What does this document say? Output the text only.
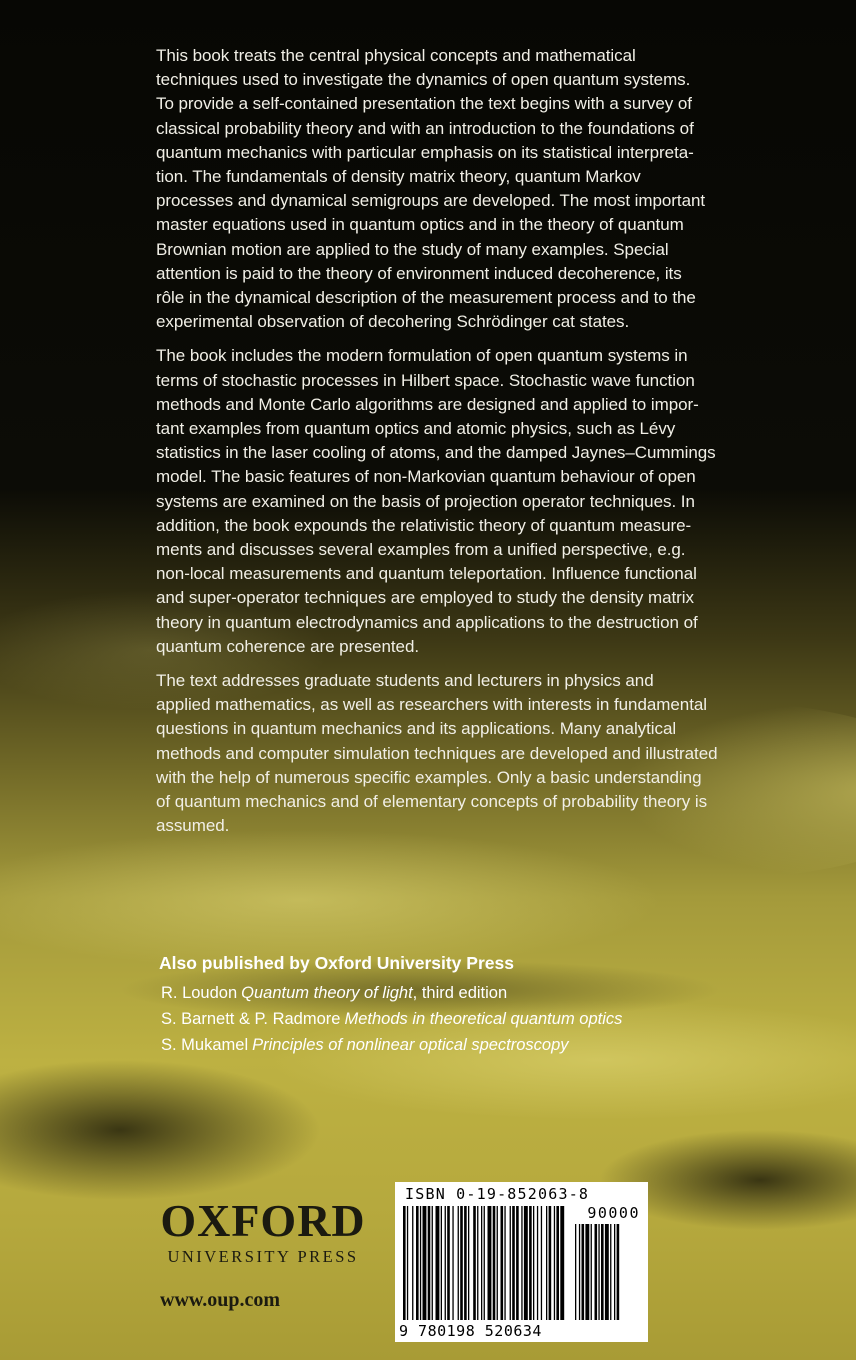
This book treats the central physical concepts and mathematical
techniques used to investigate the dynamics of open quantum systems.
To provide a self-contained presentation the text begins with a survey of
classical probability theory and with an introduction to the foundations of
quantum mechanics with particular emphasis on its statistical interpreta-
tion. The fundamentals of density matrix theory, quantum Markov
processes and dynamical semigroups are developed. The most important
master equations used in quantum optics and in the theory of quantum
Brownian motion are applied to the study of many examples. Special
attention is paid to the theory of environment induced decoherence, its
rôle in the dynamical description of the measurement process and to the
experimental observation of decohering Schrödinger cat states.

The book includes the modern formulation of open quantum systems in
terms of stochastic processes in Hilbert space. Stochastic wave function
methods and Monte Carlo algorithms are designed and applied to impor-
tant examples from quantum optics and atomic physics, such as Lévy
statistics in the laser cooling of atoms, and the damped Jaynes–Cummings
model. The basic features of non-Markovian quantum behaviour of open
systems are examined on the basis of projection operator techniques. In
addition, the book expounds the relativistic theory of quantum measure-
ments and discusses several examples from a unified perspective, e.g.
non-local measurements and quantum teleportation. Influence functional
and super-operator techniques are employed to study the density matrix
theory in quantum electrodynamics and applications to the destruction of
quantum coherence are presented.

The text addresses graduate students and lecturers in physics and
applied mathematics, as well as researchers with interests in fundamental
questions in quantum mechanics and its applications. Many analytical
methods and computer simulation techniques are developed and illustrated
with the help of numerous specific examples. Only a basic understanding
of quantum mechanics and of elementary concepts of probability theory is
assumed.

Also published by Oxford University Press
R. Loudon Quantum theory of light, third edition
S. Barnett & P. Radmore Methods in theoretical quantum optics
S. Mukamel Principles of nonlinear optical spectroscopy
OXFORD
UNIVERSITY PRESS
www.oup.com
ISBN 0-19-852063-8
90000
9 780198 520634
